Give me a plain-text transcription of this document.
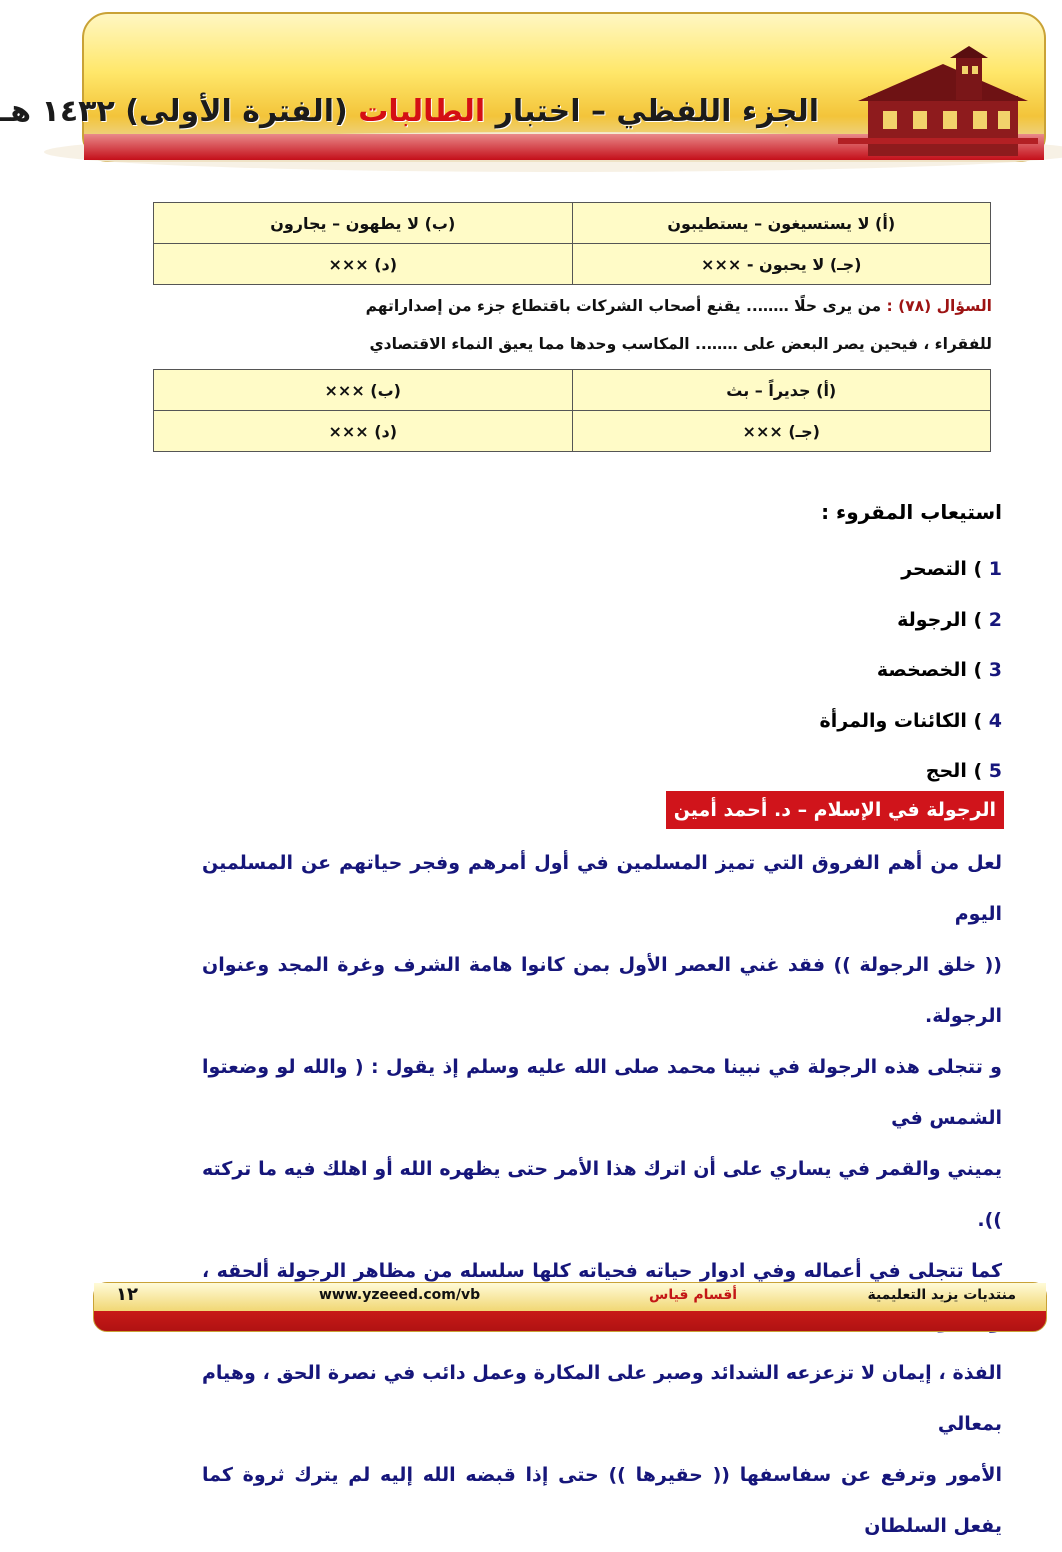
الجزء اللفظي – اختبار الطالبات (الفترة الأولى) ١٤٣٢ هـ
(أ) لا يستسيغون – يستطيبون	(ب) لا يطهون – يجارون
(جـ) لا يحبون - ×××	(د) ×××
السؤال (٧٨) : من يرى حلًا …….. يقنع أصحاب الشركات باقتطاع جزء من إصداراتهم
للفقراء ، فيحين يصر البعض على …….. المكاسب وحدها مما يعيق النماء الاقتصادي
(أ) جديراً – بث	(ب) ×××
(جـ) ×××	(د) ×××
استيعاب المقروء :
1 ) التصحر
2 ) الرجولة
3 ) الخصخصة
4 ) الكائنات والمرأة
5 ) الحج
الرجولة في الإسلام – د. أحمد أمين

لعل من أهم الفروق التي تميز المسلمين في أول أمرهم وفجر حياتهم عن المسلمين اليوم

(( خلق الرجولة )) فقد غني العصر الأول بمن كانوا هامة الشرف وغرة المجد وعنوان الرجولة.

و تتجلى هذه الرجولة في نبينا محمد صلى الله عليه وسلم إذ يقول : ( والله لو وضعتوا الشمس في

يميني والقمر في يساري على أن اترك هذا الأمر حتى يظهره الله أو اهلك فيه ما تركته )).

كما تتجلى في أعماله وفي ادوار حياته فحياته كلها سلسله من مظاهر الرجولة ألحقه ،

الفذة ، إيمان لا تزعزعه الشدائد وصبر على المكارة وعمل دائب في نصرة الحق ، وهيام بمعالي

الأمور وترفع عن سفاسفها (( حقيرها )) حتى إذا قبضه الله إليه لم يترك ثروة كما يفعل السلطان

١٢	www.yzeeed.com/vb	أقسام قياس	منتديات يزيد التعليمية
